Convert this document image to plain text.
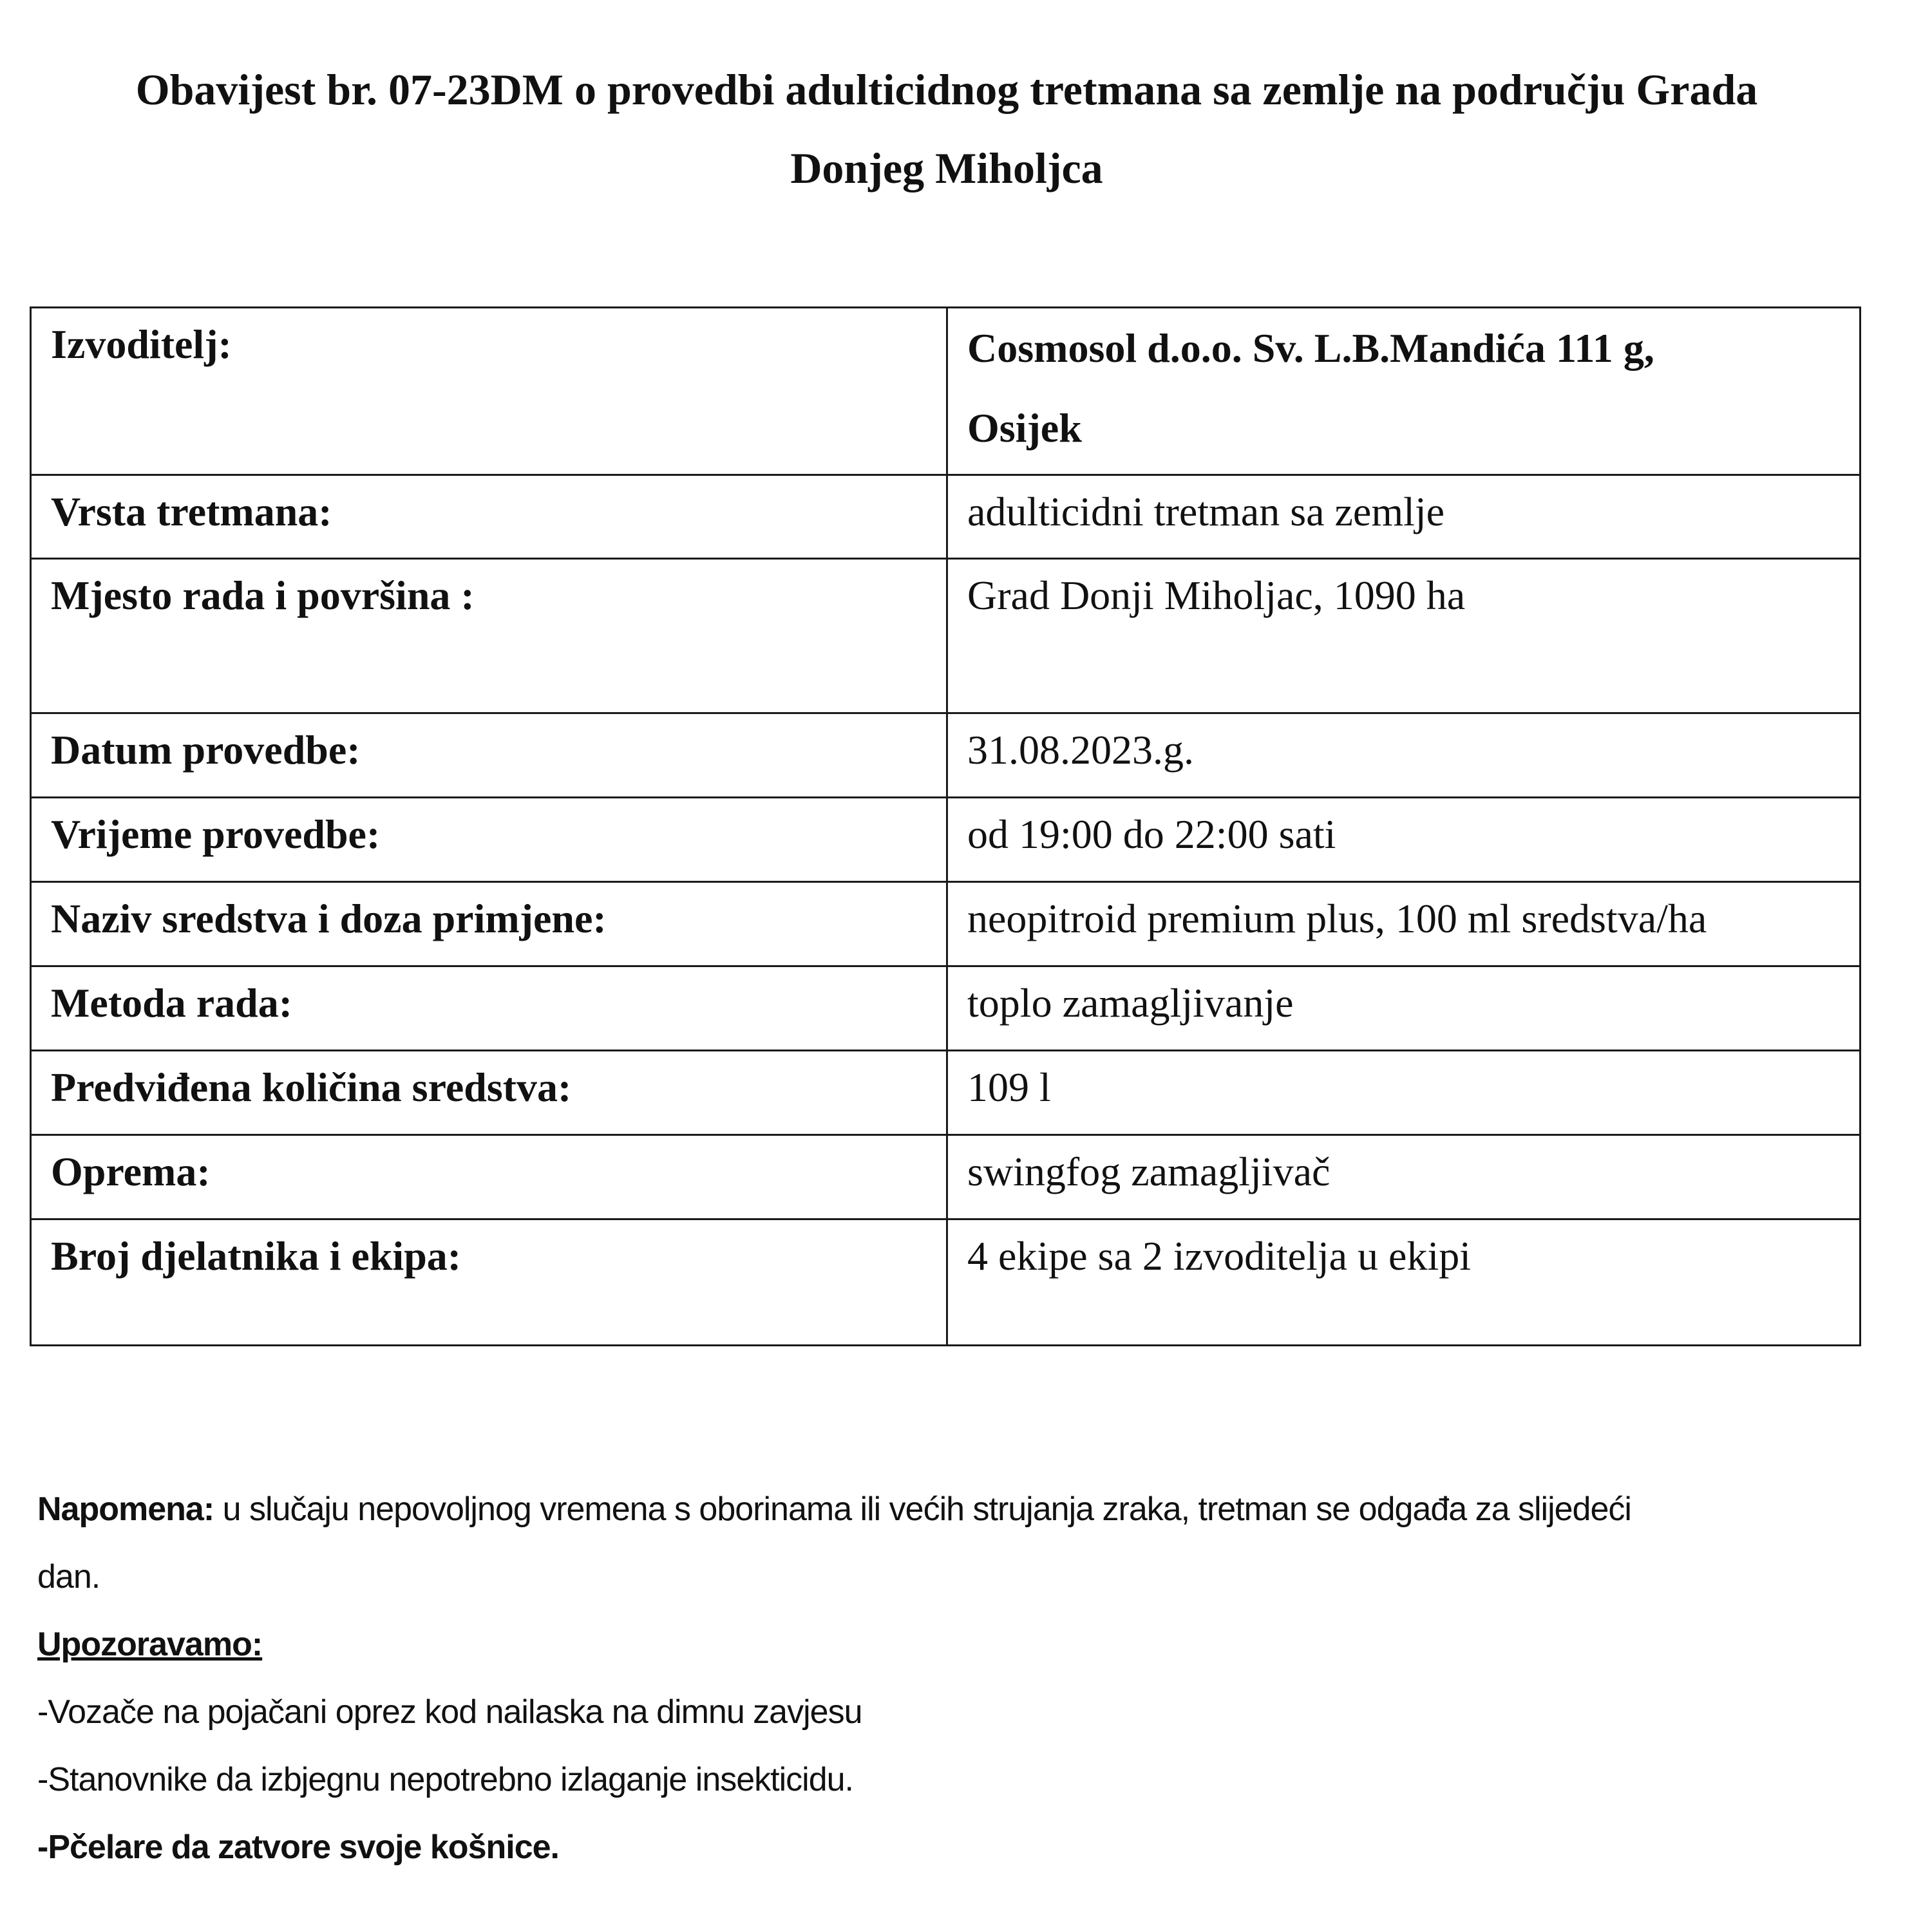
Obavijest br. 07-23DM o provedbi adulticidnog tretmana sa zemlje na području Grada
Donjeg Miholjca
Izvoditelj:	Cosmosol d.o.o. Sv. L.B.Mandića 111 g,
Osijek

Vrsta tretmana:	adulticidni tretman sa zemlje
Mjesto rada i površina :	Grad Donji Miholjac, 1090 ha
Datum provedbe:	31.08.2023.g.
Vrijeme provedbe:	od 19:00 do 22:00 sati
Naziv sredstva i doza primjene:	neopitroid premium plus, 100 ml sredstva/ha
Metoda rada:	toplo zamagljivanje
Predviđena količina sredstva:	109 l
Oprema:	swingfog zamagljivač
Broj djelatnika i ekipa:	4 ekipe sa 2 izvoditelja u ekipi
Napomena: u slučaju nepovoljnog vremena s oborinama ili većih strujanja zraka, tretman se odgađa za slijedeći
dan.
Upozoravamo:
-Vozače na pojačani oprez kod nailaska na dimnu zavjesu
-Stanovnike da izbjegnu nepotrebno izlaganje insekticidu.
-Pčelare da zatvore svoje košnice.
